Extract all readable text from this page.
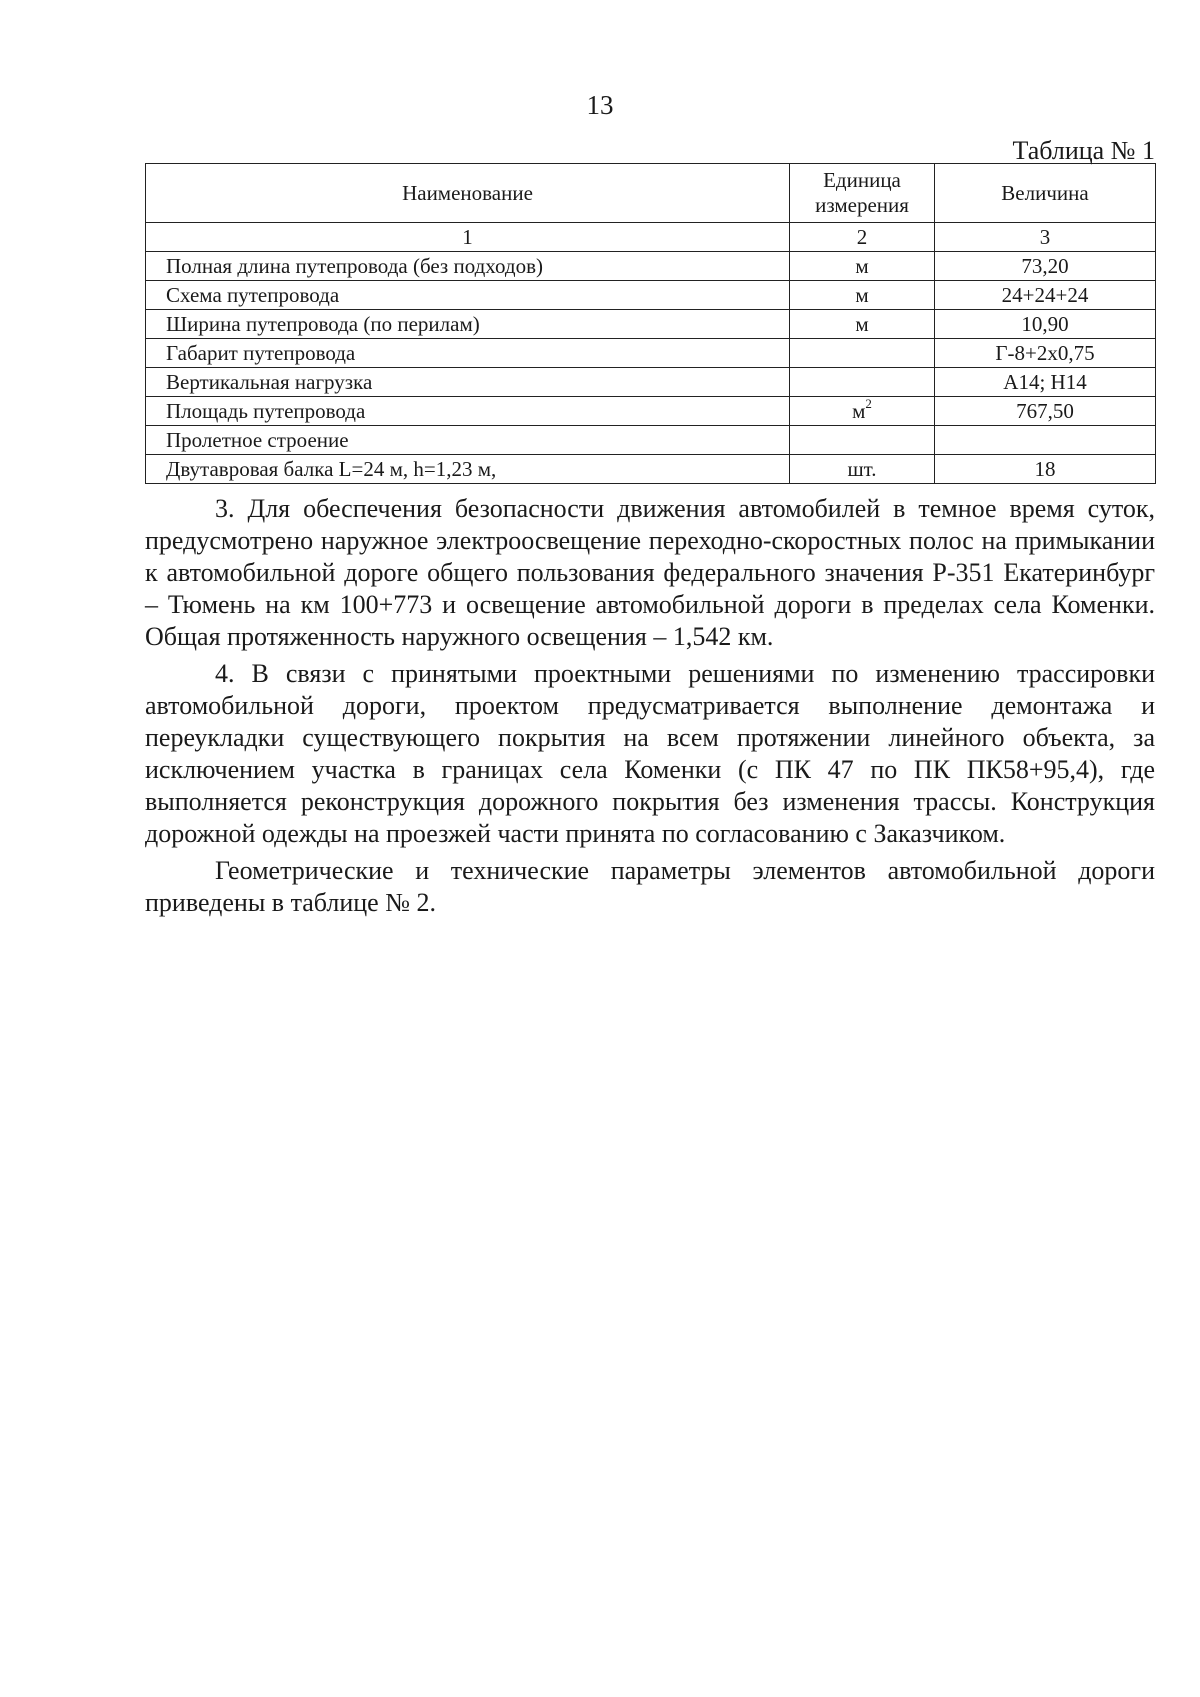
13
Таблица № 1
Наименование	Единица измерения	Величина
1	2	3
Полная длина путепровода (без подходов)	м	73,20
Схема путепровода	м	24+24+24
Ширина путепровода (по перилам)	м	10,90
Габарит путепровода		Г-8+2х0,75
Вертикальная нагрузка		А14; Н14
Площадь путепровода	$м^2$	767,50
Пролетное строение		
Двутавровая балка L=24 м, h=1,23 м,	шт.	18

3. Для обеспечения безопасности движения автомобилей в темное время суток, предусмотрено наружное электроосвещение переходно-скоростных полос на примыкании к автомобильной дороге общего пользования федерального значения Р-351 Екатеринбург – Тюмень на км 100+773 и освещение автомобильной дороги в пределах села Коменки. Общая протяженность наружного освещения – 1,542 км.

4. В связи с принятыми проектными решениями по изменению трассировки автомобильной дороги, проектом предусматривается выполнение демонтажа и переукладки существующего покрытия на всем протяжении линейного объекта, за исключением участка в границах села Коменки (с ПК 47 по ПК ПК58+95,4), где выполняется реконструкция дорожного покрытия без изменения трассы. Конструкция дорожной одежды на проезжей части принята по согласованию с Заказчиком.

Геометрические и технические параметры элементов автомобильной дороги приведены в таблице № 2.
